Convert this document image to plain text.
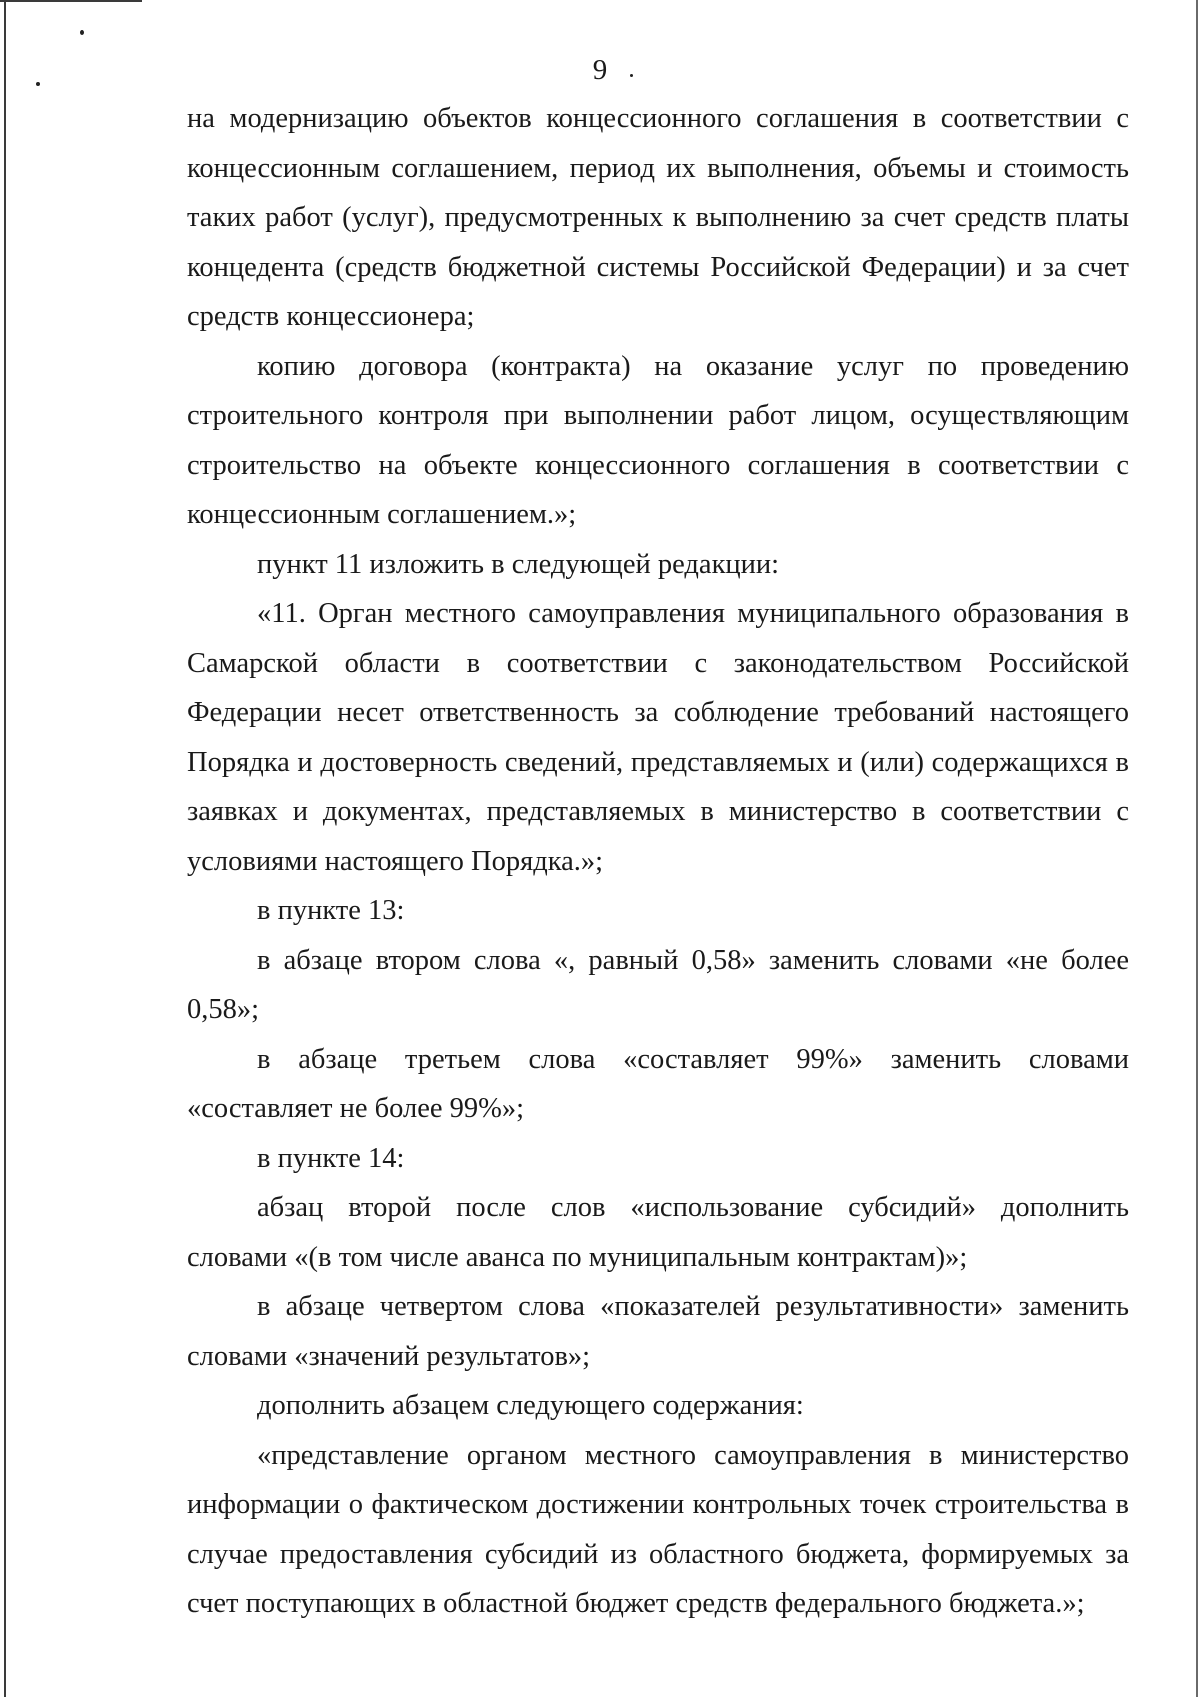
9

на модернизацию объектов концессионного соглашения в соответствии с концессионным соглашением, период их выполнения, объемы и стоимость таких работ (услуг), предусмотренных к выполнению за счет средств платы концедента (средств бюджетной системы Российской Федерации) и за счет средств концессионера;

копию договора (контракта) на оказание услуг по проведению строительного контроля при выполнении работ лицом, осуществляющим строительство на объекте концессионного соглашения в соответствии с концессионным соглашением.»;

пункт 11 изложить в следующей редакции:

«11. Орган местного самоуправления муниципального образования в Самарской области в соответствии с законодательством Российской Федерации несет ответственность за соблюдение требований настоящего Порядка и достоверность сведений, представляемых и (или) содержащихся в заявках и документах, представляемых в министерство в соответствии с условиями настоящего Порядка.»;

в пункте 13:

в абзаце втором слова «, равный 0,58» заменить словами «не более 0,58»;

в абзаце третьем слова «составляет 99%» заменить словами «составляет не более 99%»;

в пункте 14:

абзац второй после слов «использование субсидий» дополнить словами «(в том числе аванса по муниципальным контрактам)»;

в абзаце четвертом слова «показателей результативности» заменить словами «значений результатов»;

дополнить абзацем следующего содержания:

«представление органом местного самоуправления в министерство информации о фактическом достижении контрольных точек строительства в случае предоставления субсидий из областного бюджета, формируемых за счет поступающих в областной бюджет средств федерального бюджета.»;
